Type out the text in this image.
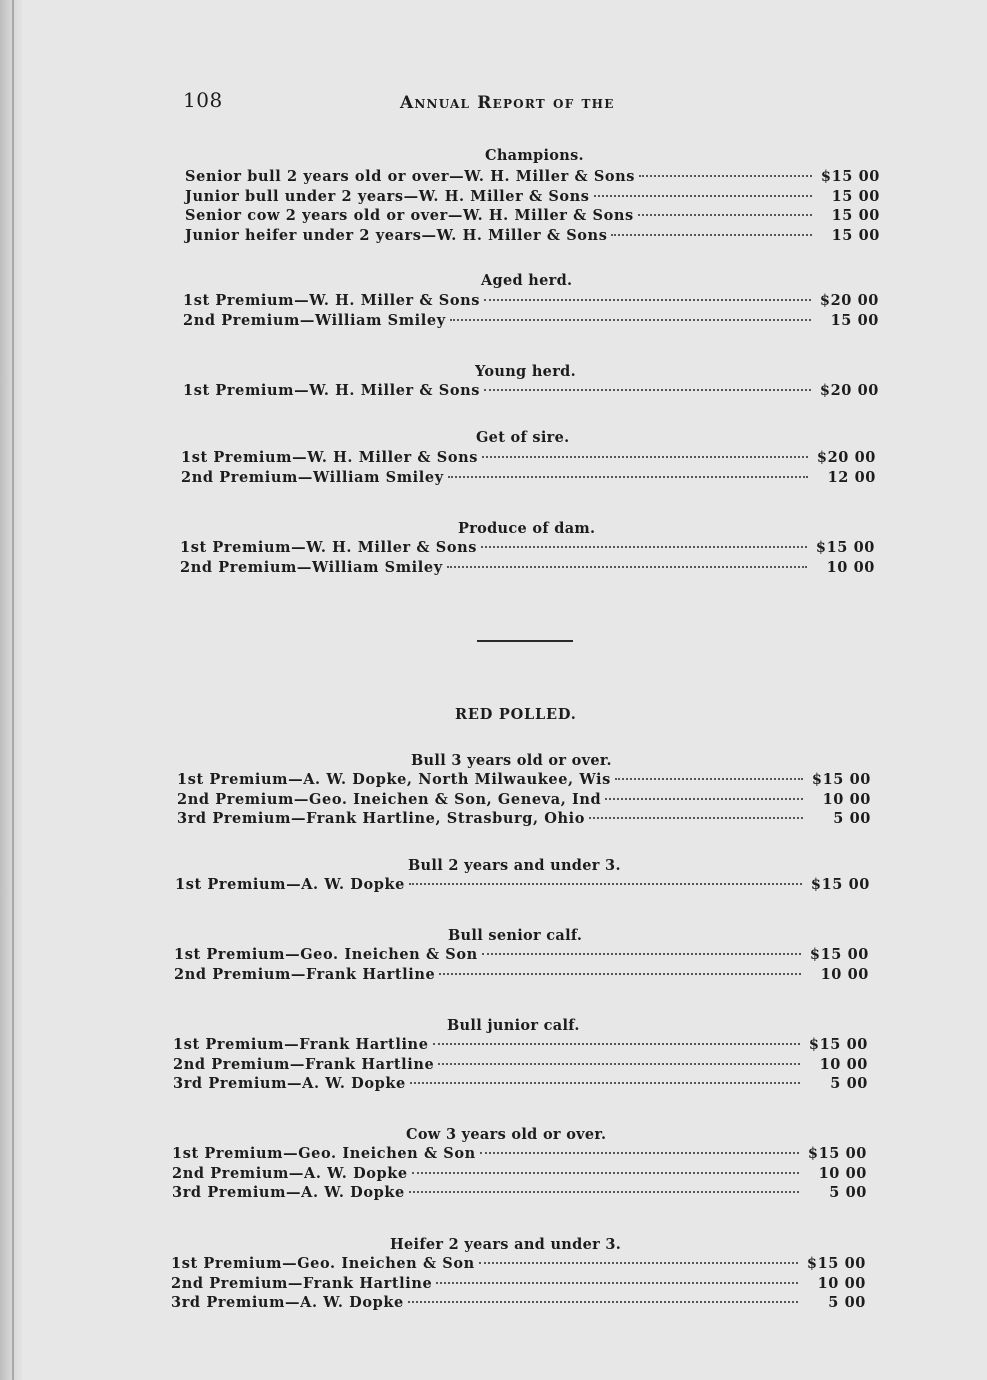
108	Annual Report of the
Champions.
Senior bull 2 years old or over—W. H. Miller & Sons	$15 00
Junior bull under 2 years—W. H. Miller & Sons	15 00
Senior cow 2 years old or over—W. H. Miller & Sons	15 00
Junior heifer under 2 years—W. H. Miller & Sons	15 00
Aged herd.
1st Premium—W. H. Miller & Sons	$20 00
2nd Premium—William Smiley	15 00
Young herd.
1st Premium—W. H. Miller & Sons	$20 00
Get of sire.
1st Premium—W. H. Miller & Sons	$20 00
2nd Premium—William Smiley	12 00
Produce of dam.
1st Premium—W. H. Miller & Sons	$15 00
2nd Premium—William Smiley	10 00
Bull 3 years old or over.
1st Premium—A. W. Dopke, North Milwaukee, Wis	$15 00
2nd Premium—Geo. Ineichen & Son, Geneva, Ind	10 00
3rd Premium—Frank Hartline, Strasburg, Ohio	5 00
Bull 2 years and under 3.
1st Premium—A. W. Dopke	$15 00
Bull senior calf.
1st Premium—Geo. Ineichen & Son	$15 00
2nd Premium—Frank Hartline	10 00
Bull junior calf.
1st Premium—Frank Hartline	$15 00
2nd Premium—Frank Hartline	10 00
3rd Premium—A. W. Dopke	5 00
Cow 3 years old or over.
1st Premium—Geo. Ineichen & Son	$15 00
2nd Premium—A. W. Dopke	10 00
3rd Premium—A. W. Dopke	5 00
Heifer 2 years and under 3.
1st Premium—Geo. Ineichen & Son	$15 00
2nd Premium—Frank Hartline	10 00
3rd Premium—A. W. Dopke	5 00
RED POLLED.
